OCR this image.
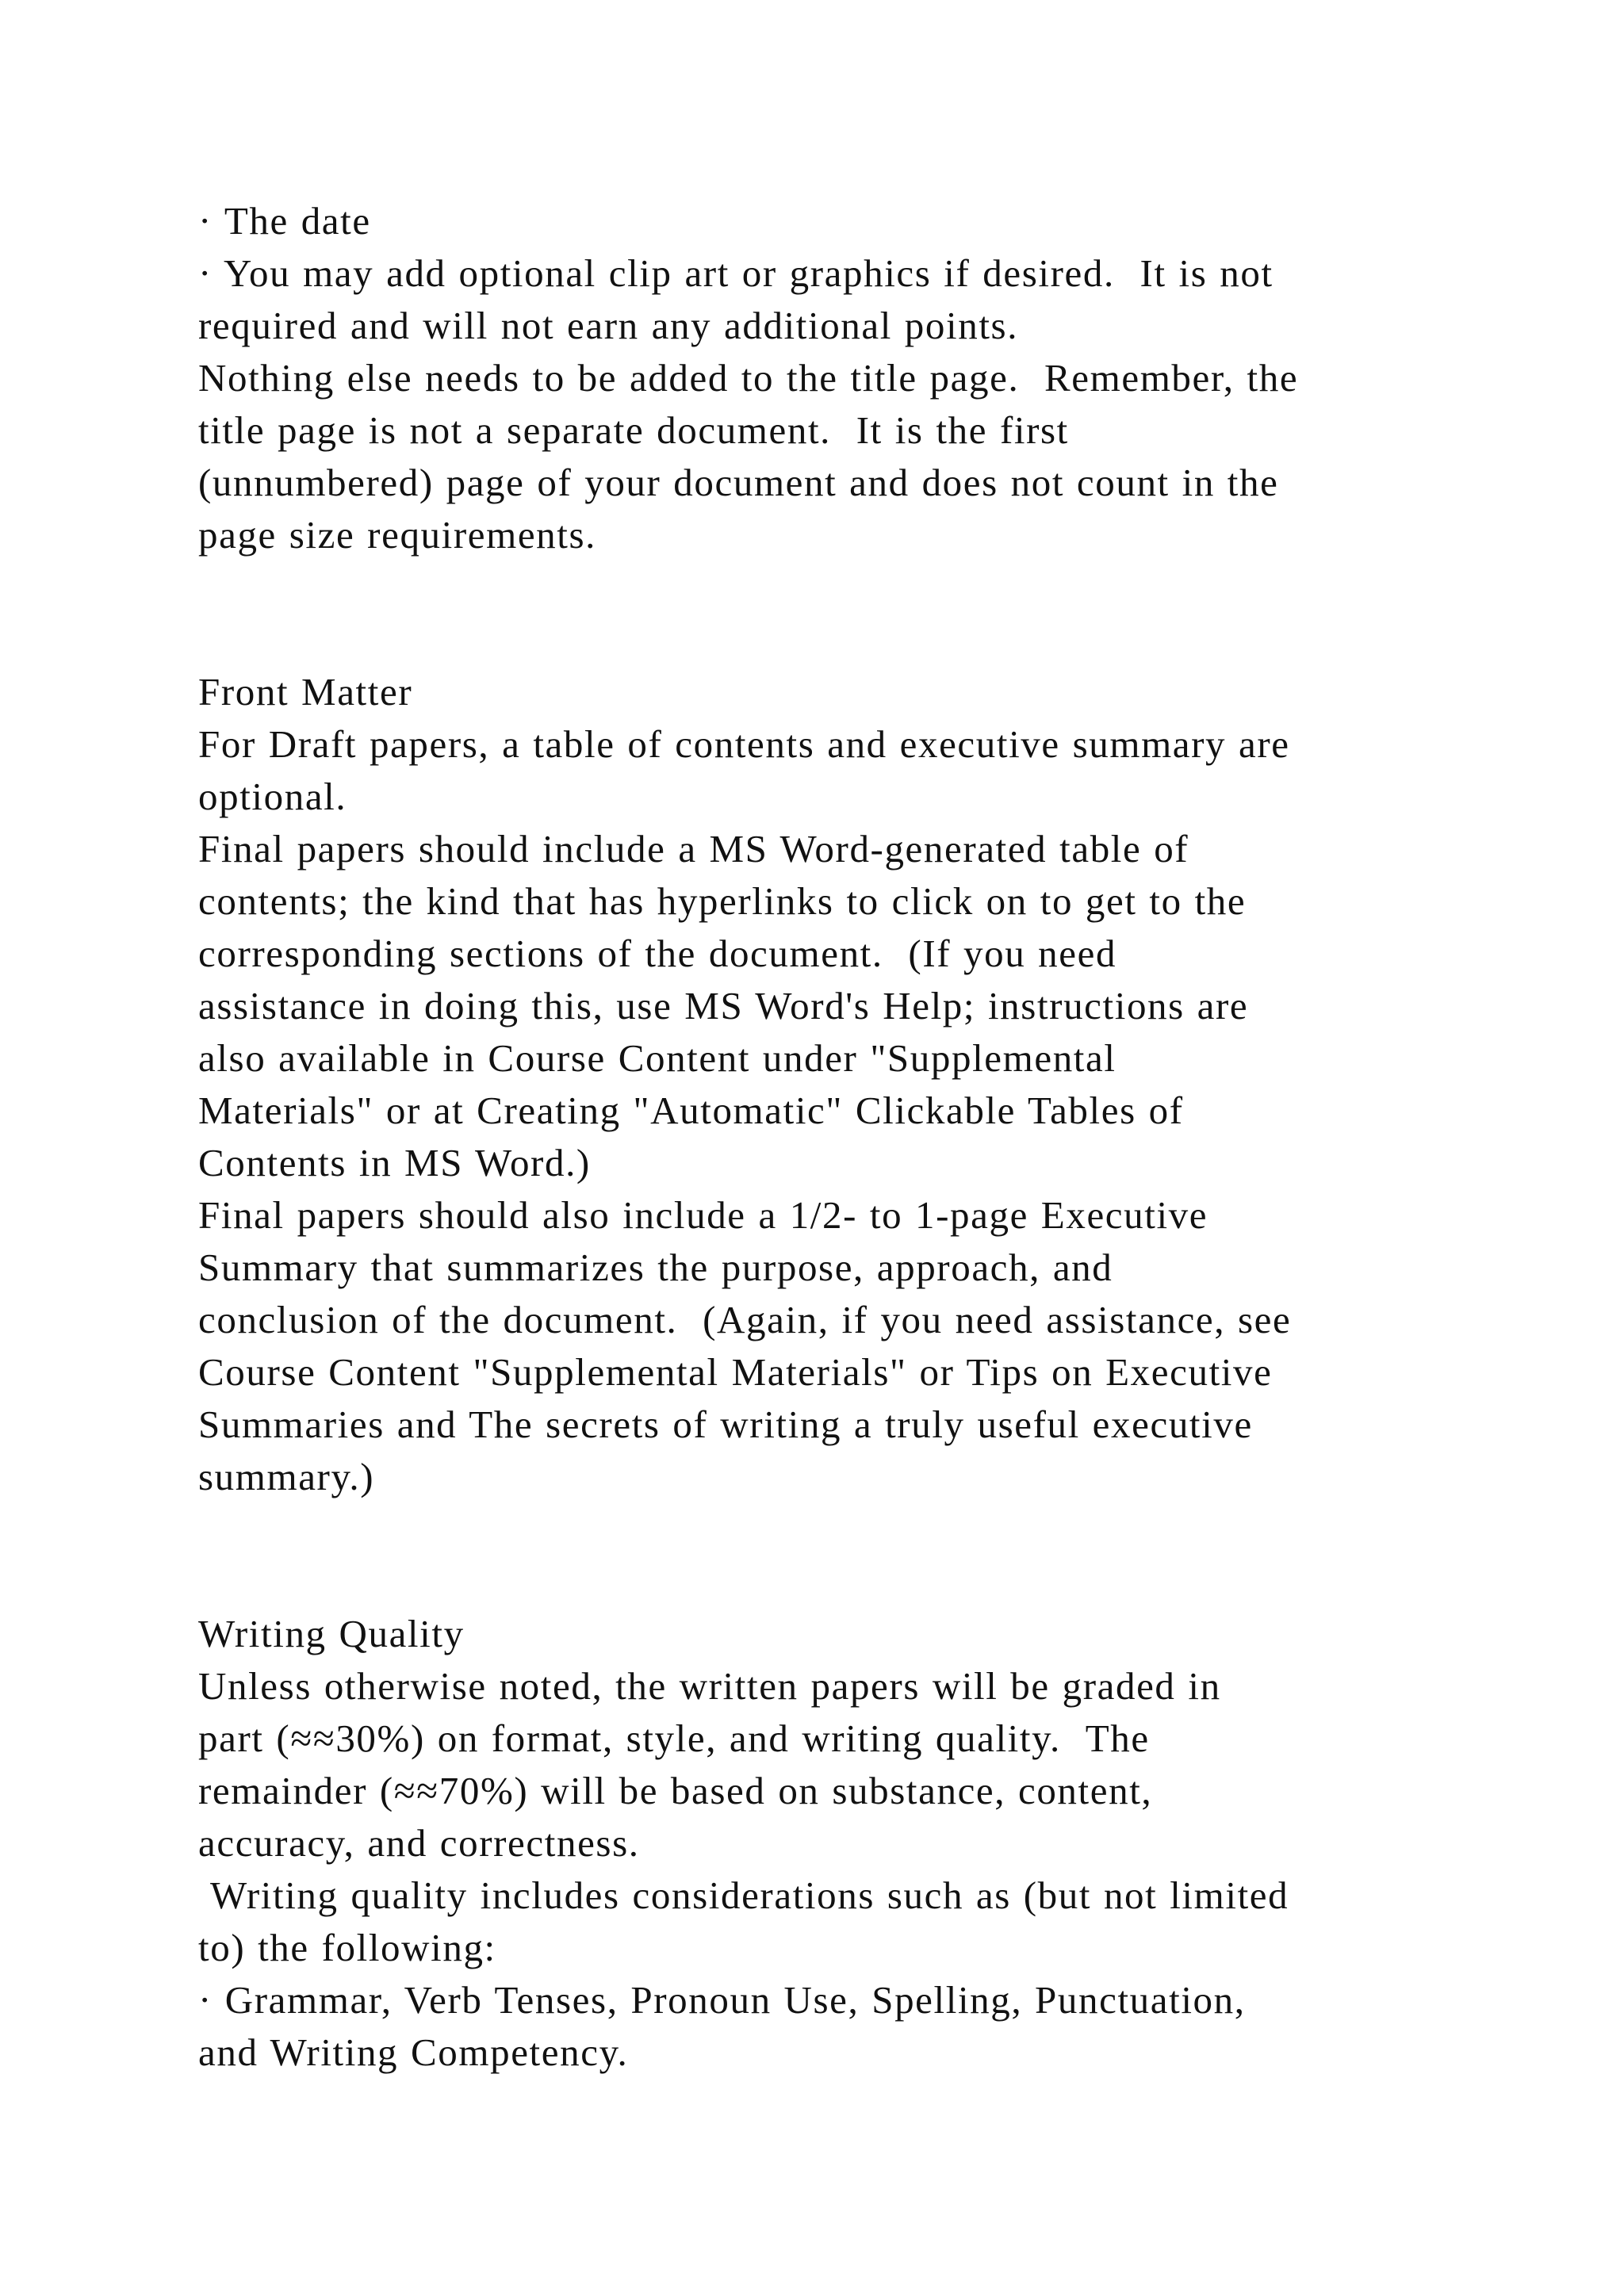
· The date
· You may add optional clip art or graphics if desired.  It is not
required and will not earn any additional points.
Nothing else needs to be added to the title page.  Remember, the
title page is not a separate document.  It is the first
(unnumbered) page of your document and does not count in the
page size requirements.
Front Matter
For Draft papers, a table of contents and executive summary are
optional.
Final papers should include a MS Word-generated table of
contents; the kind that has hyperlinks to click on to get to the
corresponding sections of the document.  (If you need
assistance in doing this, use MS Word's Help; instructions are
also available in Course Content under "Supplemental
Materials" or at Creating "Automatic" Clickable Tables of
Contents in MS Word.)
Final papers should also include a 1/2- to 1-page Executive
Summary that summarizes the purpose, approach, and
conclusion of the document.  (Again, if you need assistance, see
Course Content "Supplemental Materials" or Tips on Executive
Summaries and The secrets of writing a truly useful executive
summary.)
Writing Quality
Unless otherwise noted, the written papers will be graded in
part (≈≈30%) on format, style, and writing quality.  The
remainder (≈≈70%) will be based on substance, content,
accuracy, and correctness.
Writing quality includes considerations such as (but not limited
to) the following:
· Grammar, Verb Tenses, Pronoun Use, Spelling, Punctuation,
and Writing Competency.
